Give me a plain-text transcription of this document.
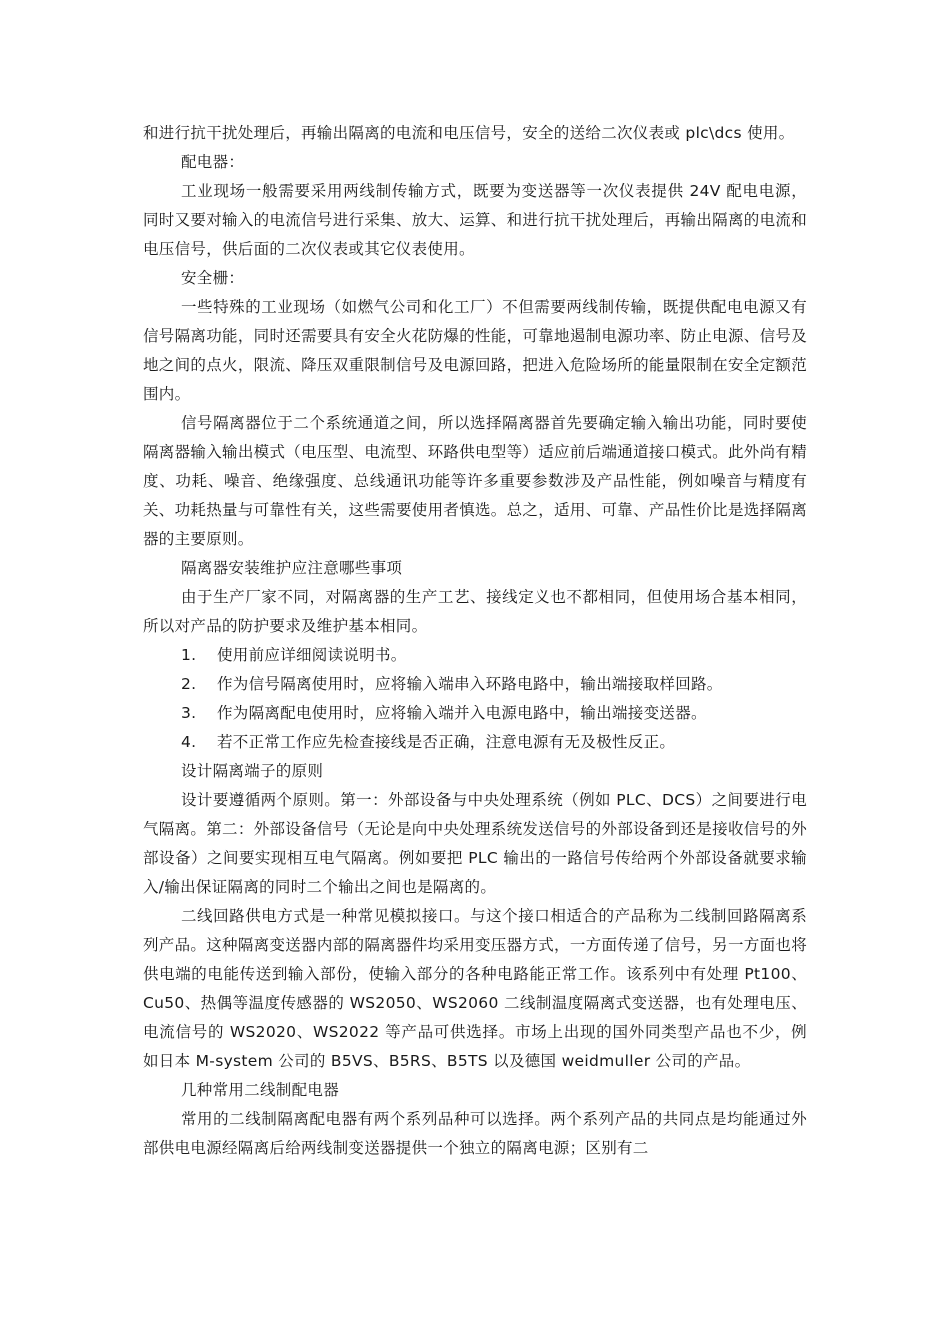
和进行抗干扰处理后，再输出隔离的电流和电压信号，安全的送给二次仪表或 plc\dcs 使用。

配电器：

工业现场一般需要采用两线制传输方式，既要为变送器等一次仪表提供 24V 配电电源，同时又要对输入的电流信号进行采集、放大、运算、和进行抗干扰处理后，再输出隔离的电流和电压信号，供后面的二次仪表或其它仪表使用。

安全栅：

一些特殊的工业现场（如燃气公司和化工厂）不但需要两线制传输，既提供配电电源又有信号隔离功能，同时还需要具有安全火花防爆的性能，可靠地遏制电源功率、防止电源、信号及地之间的点火，限流、降压双重限制信号及电源回路，把进入危险场所的能量限制在安全定额范围内。

信号隔离器位于二个系统通道之间，所以选择隔离器首先要确定输入输出功能，同时要使隔离器输入输出模式（电压型、电流型、环路供电型等）适应前后端通道接口模式。此外尚有精度、功耗、噪音、绝缘强度、总线通讯功能等许多重要参数涉及产品性能，例如噪音与精度有关、功耗热量与可靠性有关，这些需要使用者慎选。总之，适用、可靠、产品性价比是选择隔离器的主要原则。

隔离器安装维护应注意哪些事项

由于生产厂家不同，对隔离器的生产工艺、接线定义也不都相同，但使用场合基本相同，所以对产品的防护要求及维护基本相同。

1.	使用前应详细阅读说明书。
2.	作为信号隔离使用时，应将输入端串入环路电路中，输出端接取样回路。
3.	作为隔离配电使用时，应将输入端并入电源电路中，输出端接变送器。
4.	若不正常工作应先检查接线是否正确，注意电源有无及极性反正。

设计隔离端子的原则

设计要遵循两个原则。第一：外部设备与中央处理系统（例如 PLC、DCS）之间要进行电气隔离。第二：外部设备信号（无论是向中央处理系统发送信号的外部设备到还是接收信号的外部设备）之间要实现相互电气隔离。例如要把 PLC 输出的一路信号传给两个外部设备就要求输入/输出保证隔离的同时二个输出之间也是隔离的。

二线回路供电方式是一种常见模拟接口。与这个接口相适合的产品称为二线制回路隔离系列产品。这种隔离变送器内部的隔离器件均采用变压器方式，一方面传递了信号，另一方面也将供电端的电能传送到输入部份，使输入部分的各种电路能正常工作。该系列中有处理 Pt100、Cu50、热偶等温度传感器的 WS2050、WS2060 二线制温度隔离式变送器，也有处理电压、电流信号的 WS2020、WS2022 等产品可供选择。市场上出现的国外同类型产品也不少，例如日本 M-system 公司的 B5VS、B5RS、B5TS 以及德国 weidmuller 公司的产品。

几种常用二线制配电器

常用的二线制隔离配电器有两个系列品种可以选择。两个系列产品的共同点是均能通过外部供电电源经隔离后给两线制变送器提供一个独立的隔离电源；区别有二
